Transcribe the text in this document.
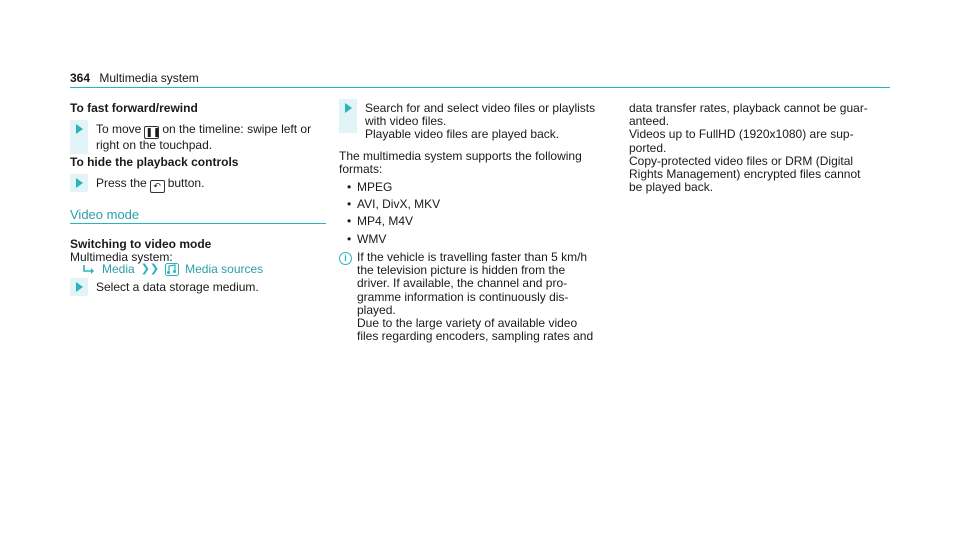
364 Multimedia system
To fast forward/rewind
To move ❚❚ on the timeline: swipe left or
right on the touchpad.
To hide the playback controls
Press the ↶ button.
Video mode
Switching to video mode
Multimedia system:
Media ❯❯ Media sources
Select a data storage medium.
Search for and select video files or playlists
with video files.
Playable video files are played back.
The multimedia system supports the following
formats:
• MPEG
• AVI, DivX, MKV
• MP4, M4V
• WMV
i If the vehicle is travelling faster than 5 km/h
the television picture is hidden from the
driver. If available, the channel and pro-
gramme information is continuously dis-
played.
Due to the large variety of available video
files regarding encoders, sampling rates and
data transfer rates, playback cannot be guar-
anteed.
Videos up to FullHD (1920x1080) are sup-
ported.
Copy-protected video files or DRM (Digital
Rights Management) encrypted files cannot
be played back.
